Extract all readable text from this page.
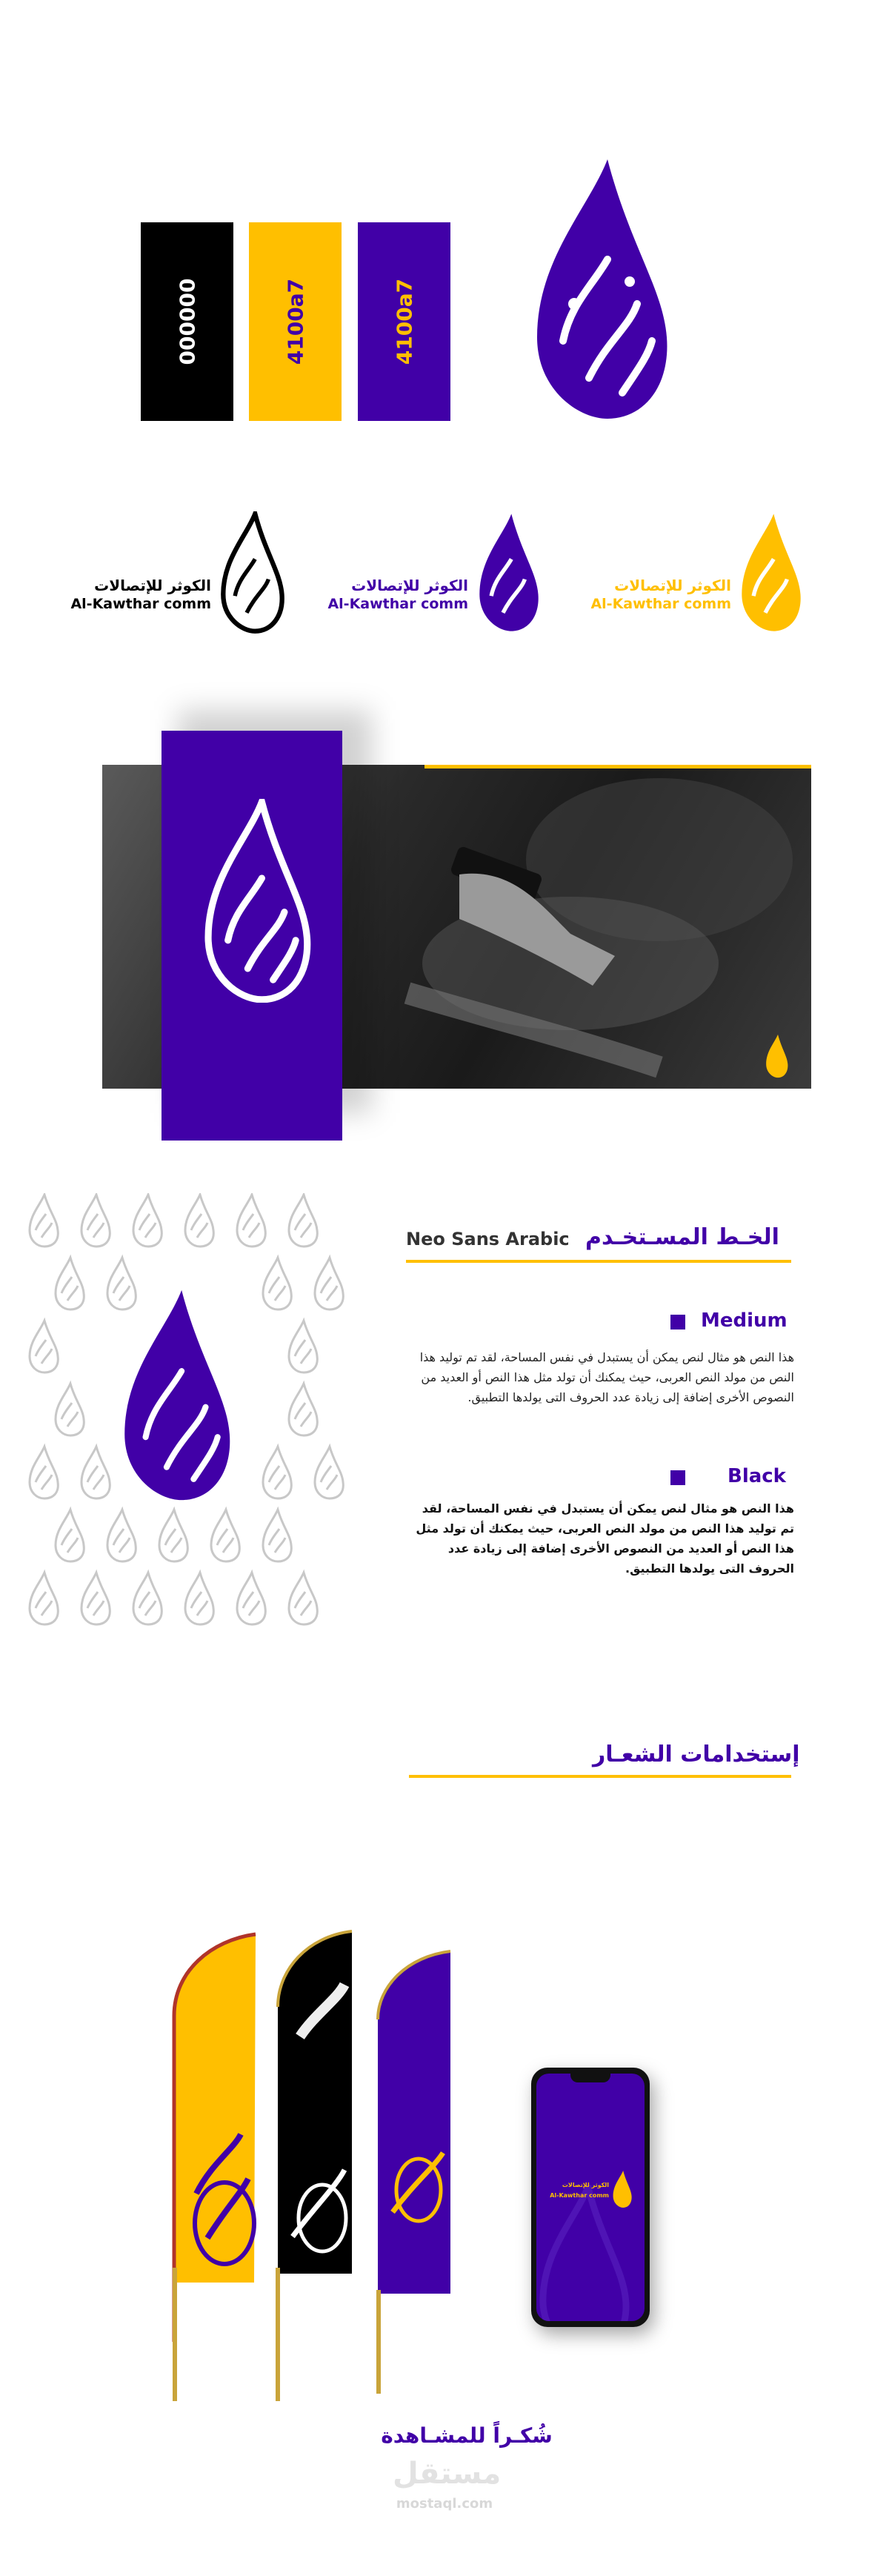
000000	4100a7	4100a7
الكوثر للإتصالات
Al-Kawthar comm
الكوثر للإتصالات
Al-Kawthar comm
الكوثر للإتصالات
Al-Kawthar comm
الخـط المسـتخـدم
Neo Sans Arabic
Medium
هذا النص هو مثال لنص يمكن أن يستبدل في نفس المساحة، لقد تم توليد هذا النص من مولد النص العربى، حيث يمكنك أن تولد مثل هذا النص أو العديد من النصوص الأخرى إضافة إلى زيادة عدد الحروف التى يولدها التطبيق.
Black
هذا النص هو مثال لنص يمكن أن يستبدل في نفس المساحة، لقد تم توليد هذا النص من مولد النص العربى، حيث يمكنك أن تولد مثل هذا النص أو العديد من النصوص الأخرى إضافة إلى زيادة عدد الحروف التى يولدها التطبيق.
إستخدامات الشعـار
الكوثر للإتصالات
Al-Kawthar comm
شُكـراً للمشـاهدة
مستقل
mostaql.com
